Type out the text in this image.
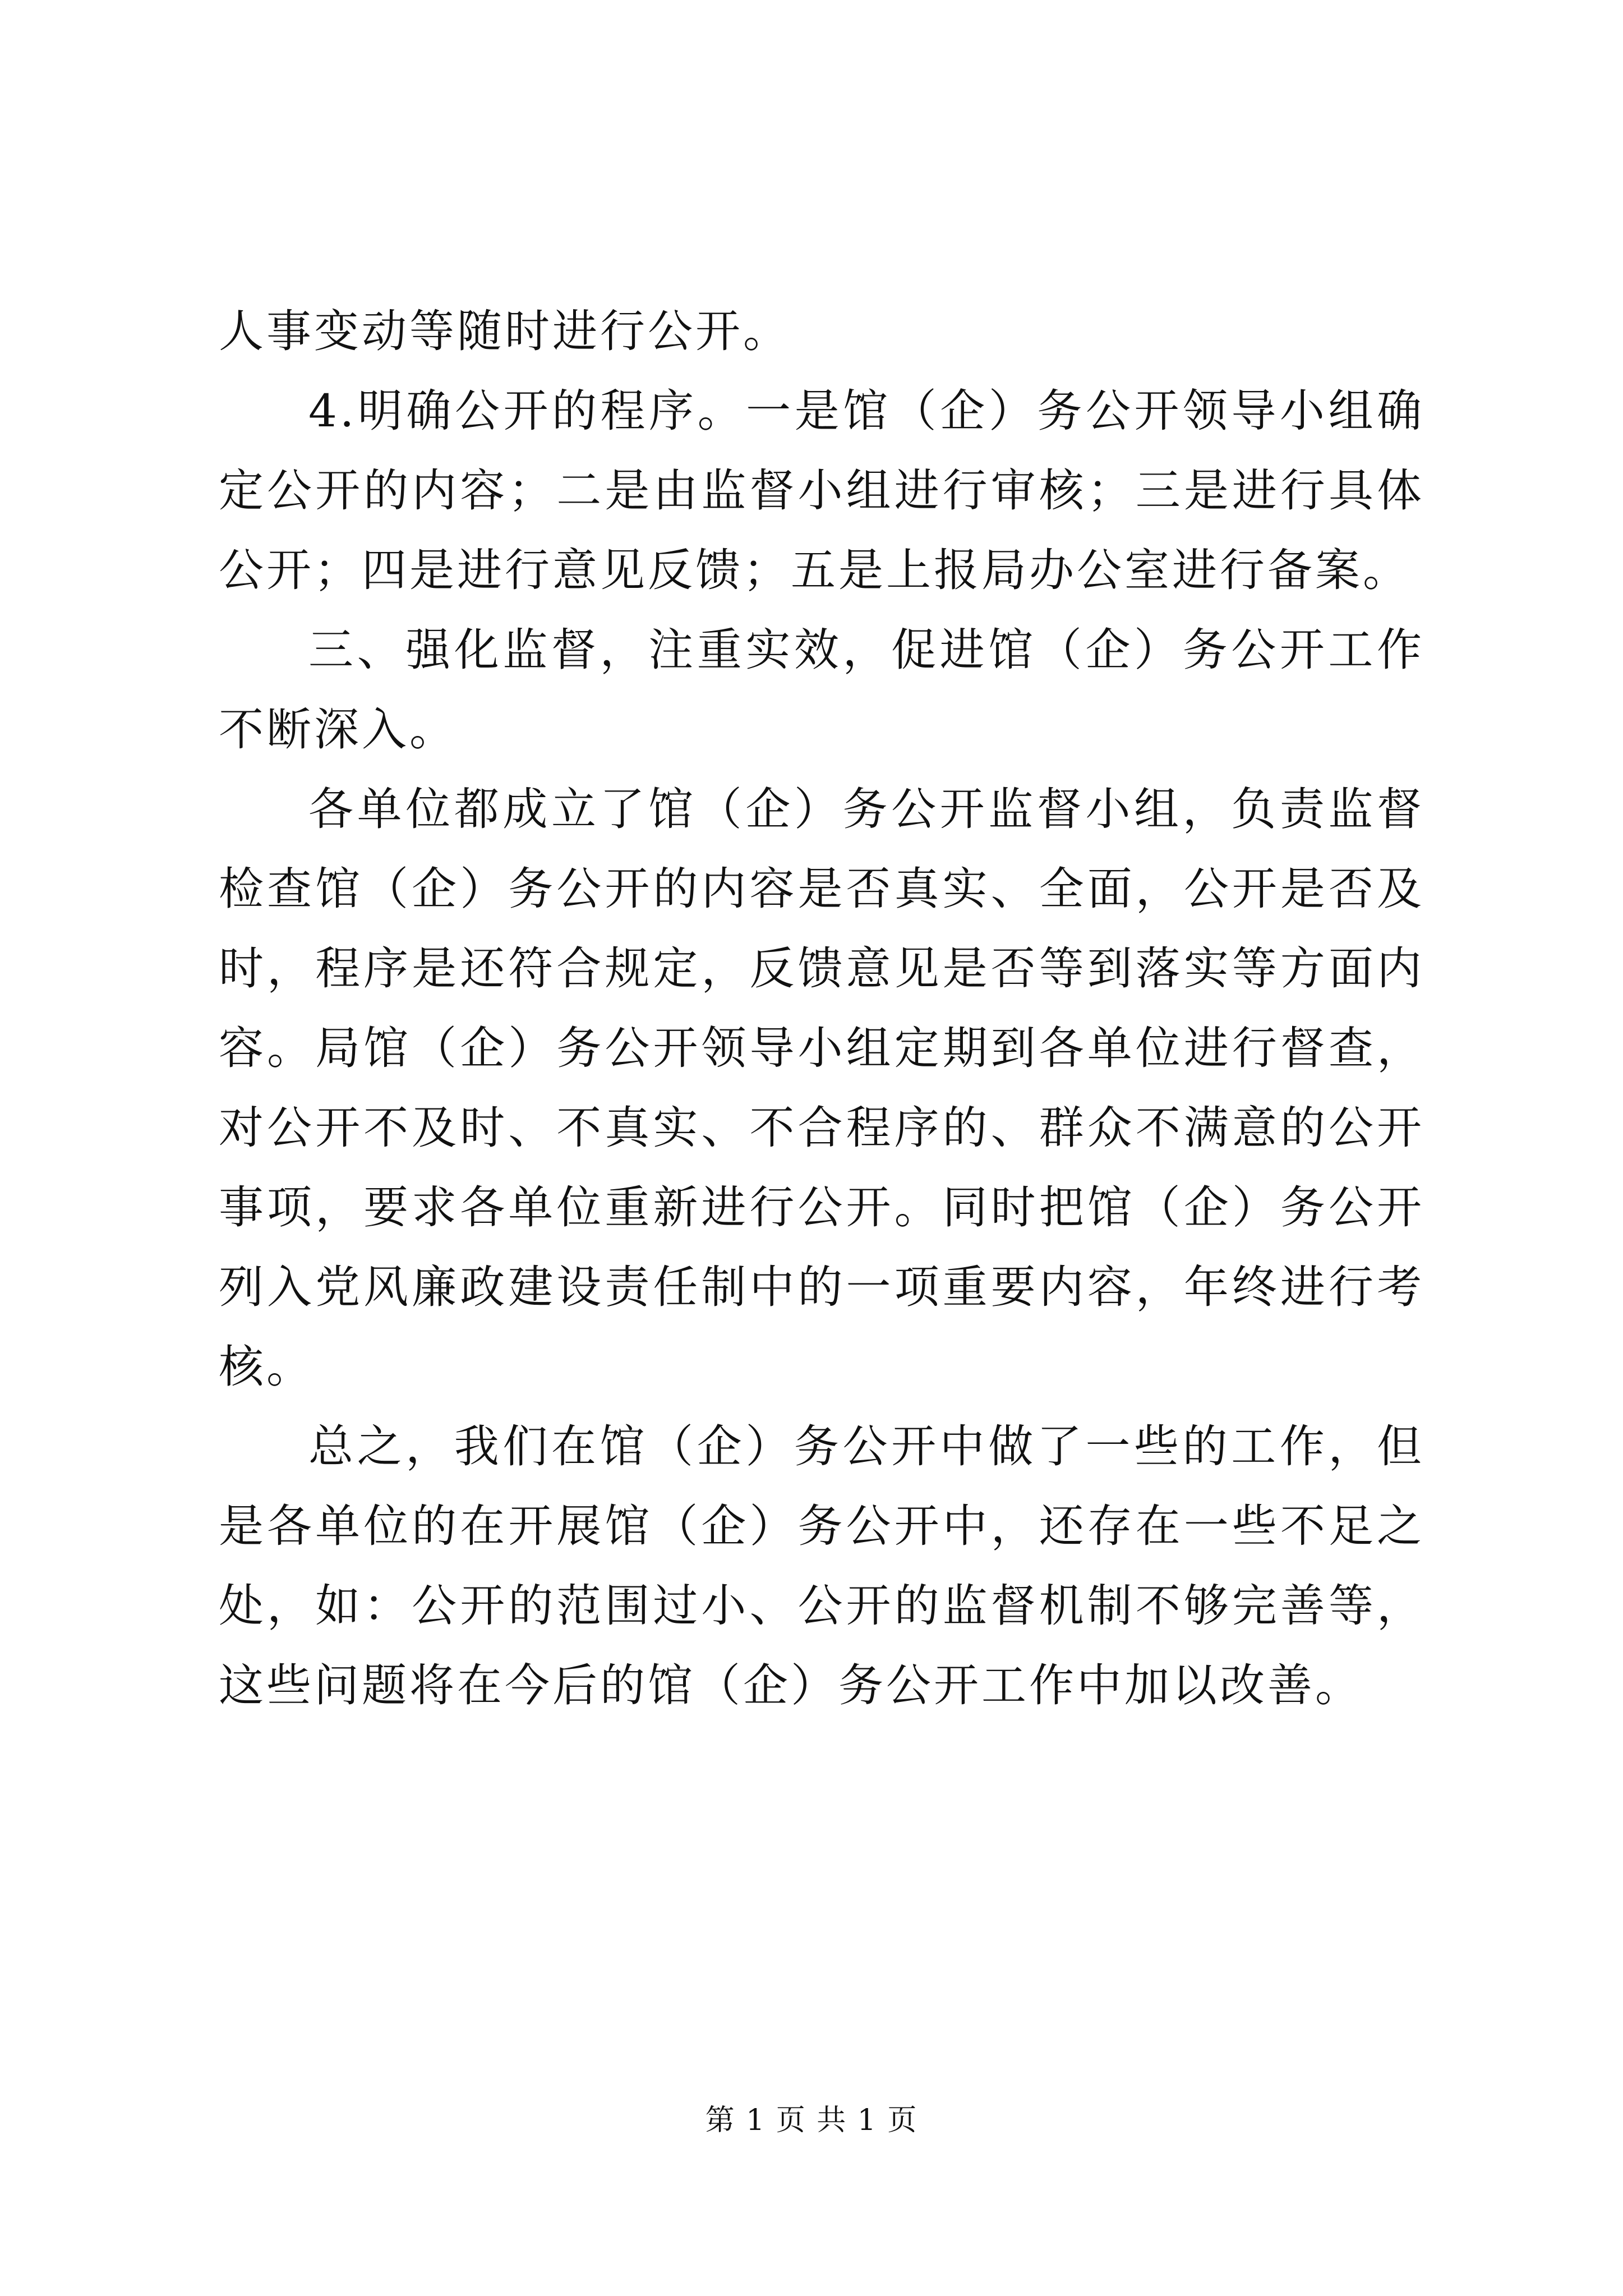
人事变动等随时进行公开。

4.明确公开的程序。一是馆（企）务公开领导小组确定公开的内容；二是由监督小组进行审核；三是进行具体公开；四是进行意见反馈；五是上报局办公室进行备案。

三、强化监督，注重实效，促进馆（企）务公开工作不断深入。

各单位都成立了馆（企）务公开监督小组，负责监督检查馆（企）务公开的内容是否真实、全面，公开是否及时，程序是还符合规定，反馈意见是否等到落实等方面内容。局馆（企）务公开领导小组定期到各单位进行督查，对公开不及时、不真实、不合程序的、群众不满意的公开事项，要求各单位重新进行公开。同时把馆（企）务公开列入党风廉政建设责任制中的一项重要内容，年终进行考核。

总之，我们在馆（企）务公开中做了一些的工作，但是各单位的在开展馆（企）务公开中，还存在一些不足之处，如：公开的范围过小、公开的监督机制不够完善等，这些问题将在今后的馆（企）务公开工作中加以改善。

第 1 页 共 1 页
